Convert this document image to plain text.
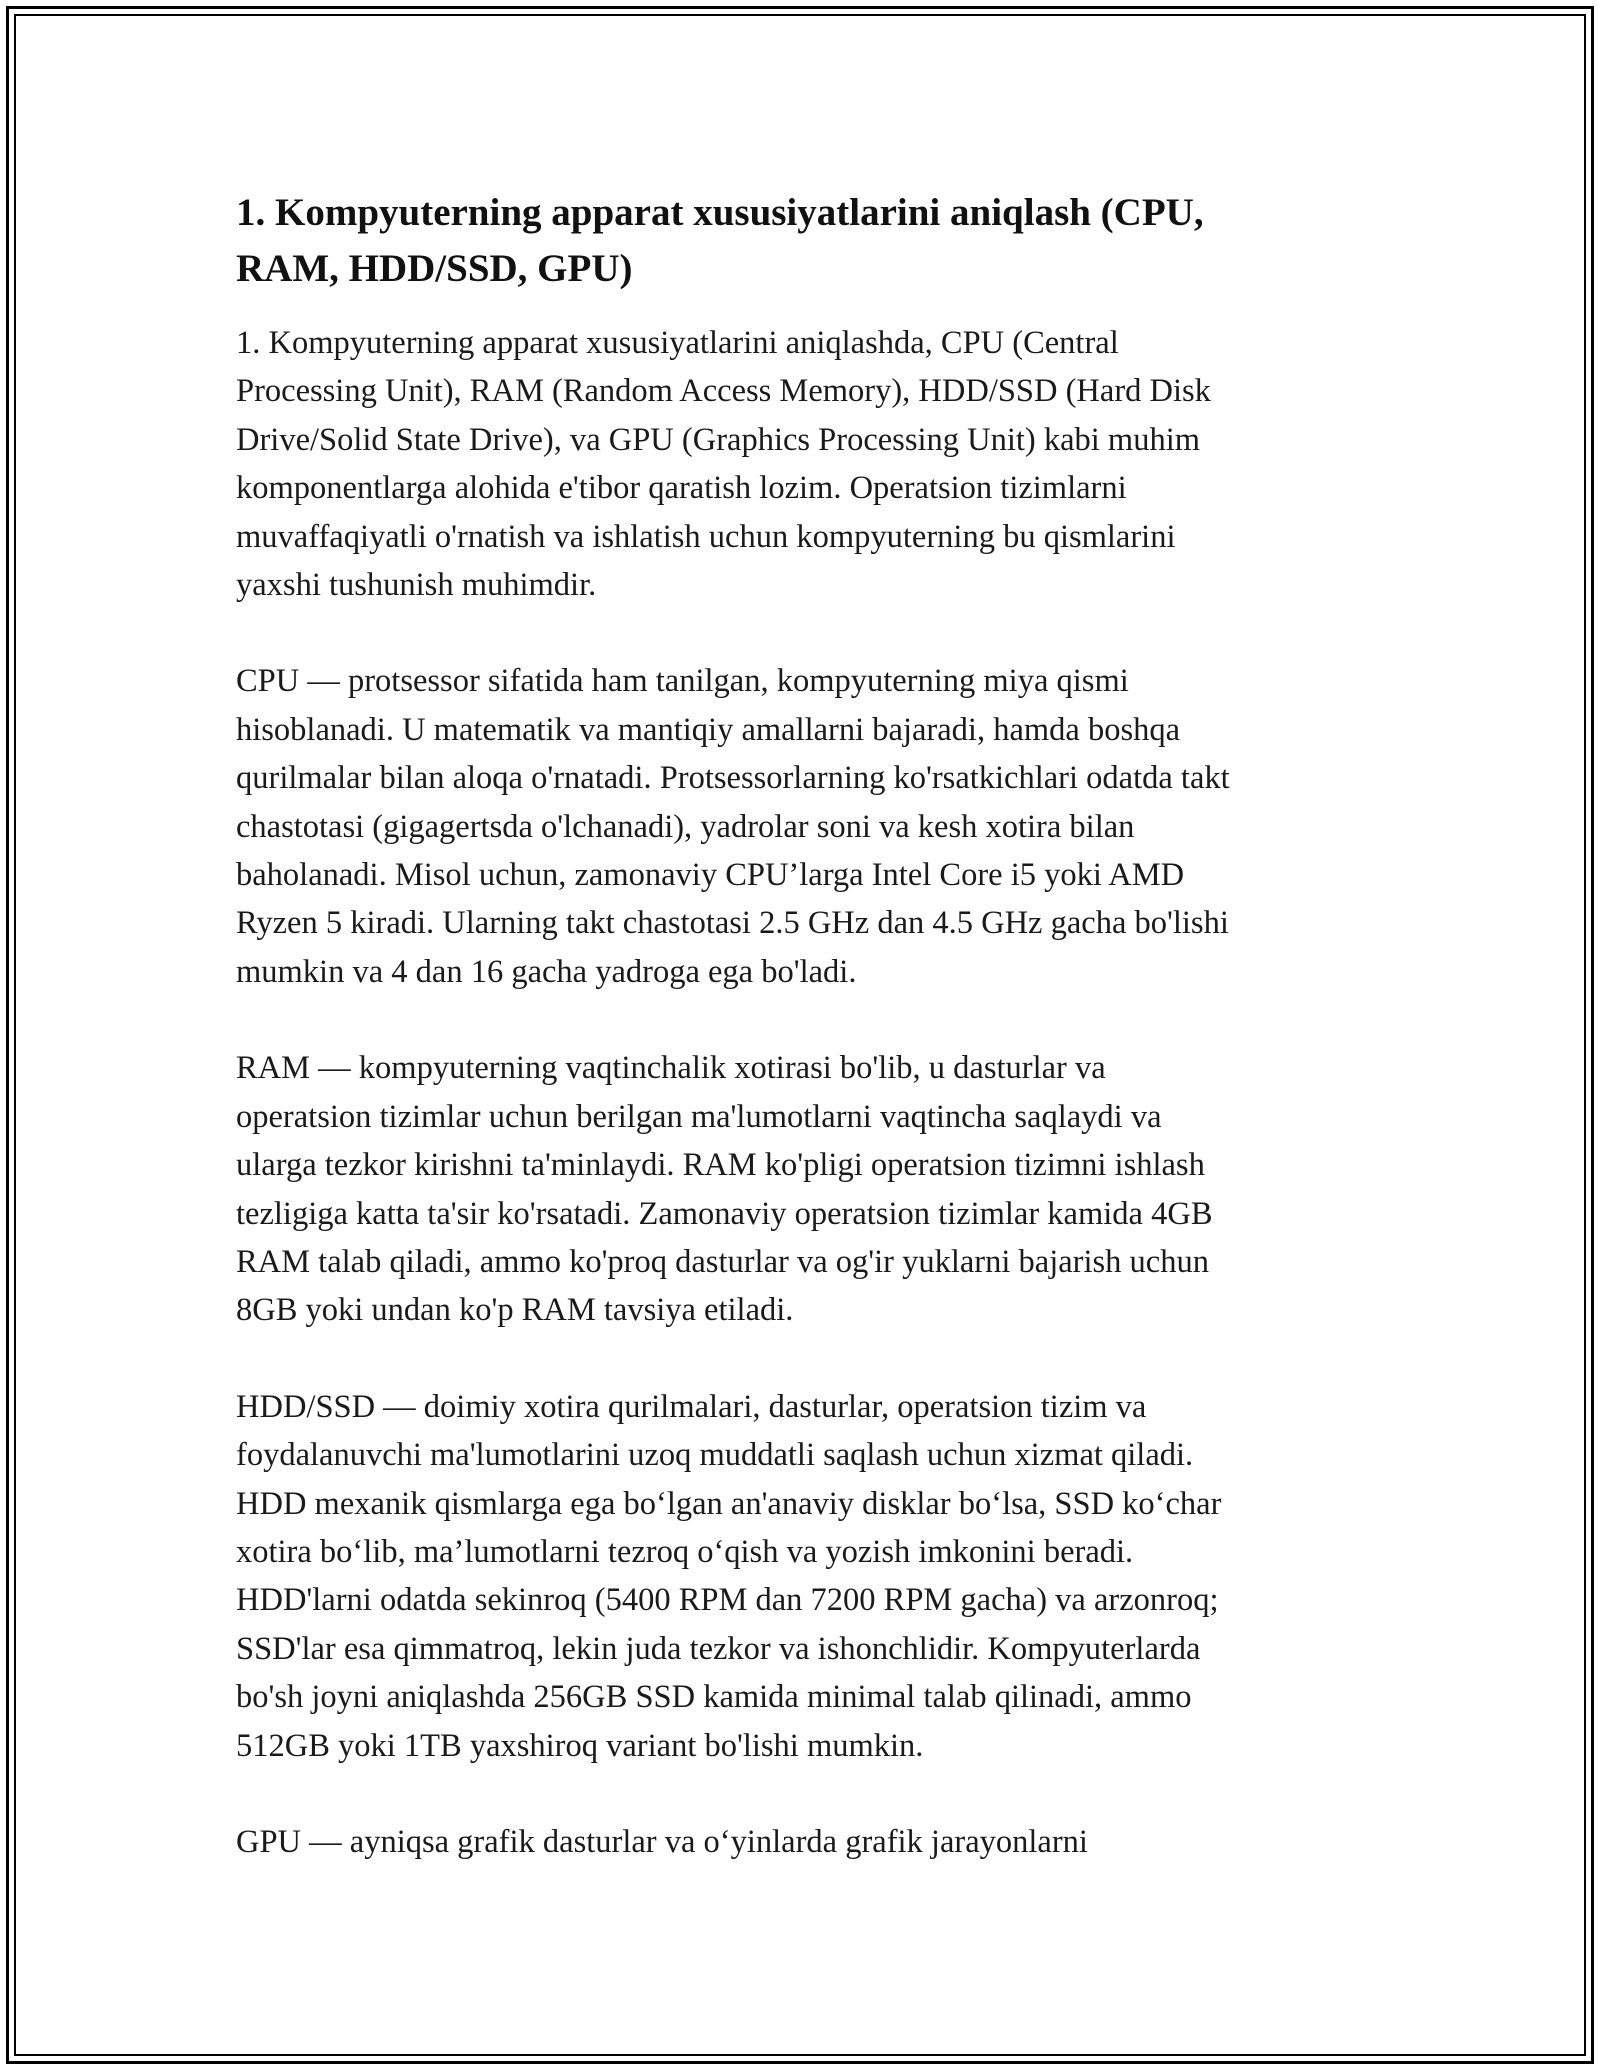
1. Kompyuterning apparat xususiyatlarini aniqlash (CPU,
RAM, HDD/SSD, GPU)

1. Kompyuterning apparat xususiyatlarini aniqlashda, CPU (Central
Processing Unit), RAM (Random Access Memory), HDD/SSD (Hard Disk
Drive/Solid State Drive), va GPU (Graphics Processing Unit) kabi muhim
komponentlarga alohida e'tibor qaratish lozim. Operatsion tizimlarni
muvaffaqiyatli o'rnatish va ishlatish uchun kompyuterning bu qismlarini
yaxshi tushunish muhimdir.

CPU — protsessor sifatida ham tanilgan, kompyuterning miya qismi
hisoblanadi. U matematik va mantiqiy amallarni bajaradi, hamda boshqa
qurilmalar bilan aloqa o'rnatadi. Protsessorlarning ko'rsatkichlari odatda takt
chastotasi (gigagertsda o'lchanadi), yadrolar soni va kesh xotira bilan
baholanadi. Misol uchun, zamonaviy CPU’larga Intel Core i5 yoki AMD
Ryzen 5 kiradi. Ularning takt chastotasi 2.5 GHz dan 4.5 GHz gacha bo'lishi
mumkin va 4 dan 16 gacha yadroga ega bo'ladi.

RAM — kompyuterning vaqtinchalik xotirasi bo'lib, u dasturlar va
operatsion tizimlar uchun berilgan ma'lumotlarni vaqtincha saqlaydi va
ularga tezkor kirishni ta'minlaydi. RAM ko'pligi operatsion tizimni ishlash
tezligiga katta ta'sir ko'rsatadi. Zamonaviy operatsion tizimlar kamida 4GB
RAM talab qiladi, ammo ko'proq dasturlar va og'ir yuklarni bajarish uchun
8GB yoki undan ko'p RAM tavsiya etiladi.

HDD/SSD — doimiy xotira qurilmalari, dasturlar, operatsion tizim va
foydalanuvchi ma'lumotlarini uzoq muddatli saqlash uchun xizmat qiladi.
HDD mexanik qismlarga ega bo‘lgan an'anaviy disklar bo‘lsa, SSD ko‘char
xotira bo‘lib, ma’lumotlarni tezroq o‘qish va yozish imkonini beradi.
HDD'larni odatda sekinroq (5400 RPM dan 7200 RPM gacha) va arzonroq;
SSD'lar esa qimmatroq, lekin juda tezkor va ishonchlidir. Kompyuterlarda
bo'sh joyni aniqlashda 256GB SSD kamida minimal talab qilinadi, ammo
512GB yoki 1TB yaxshiroq variant bo'lishi mumkin.

GPU — ayniqsa grafik dasturlar va o‘yinlarda grafik jarayonlarni
